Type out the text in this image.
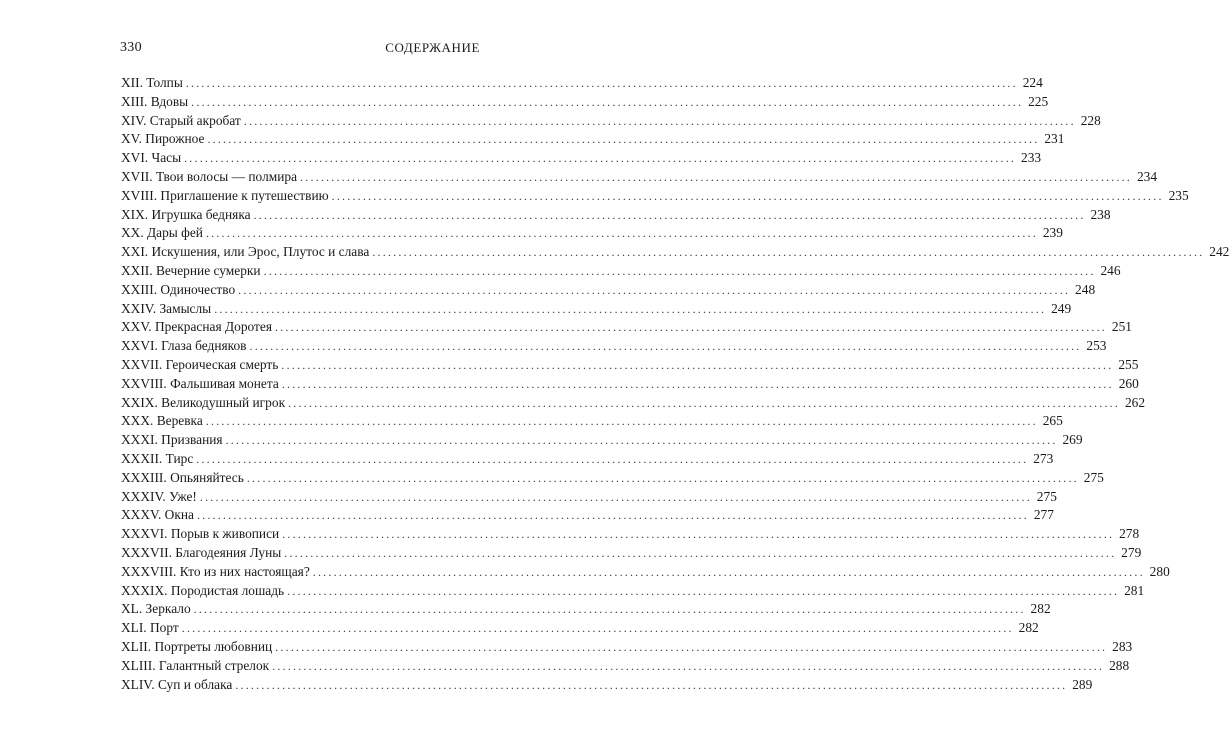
330	СОДЕРЖАНИЕ
XII. Толпы ................................................................................................................................................................ 224
XIII. Вдовы ................................................................................................................................................................ 225
XIV. Старый акробат ................................................................................................................................................................ 228
XV. Пирожное ................................................................................................................................................................ 231
XVI. Часы ................................................................................................................................................................ 233
XVII. Твои волосы — полмира ................................................................................................................................................................ 234
XVIII. Приглашение к путешествию ................................................................................................................................................................ 235
XIX. Игрушка бедняка ................................................................................................................................................................ 238
XX. Дары фей ................................................................................................................................................................ 239
XXI. Искушения, или Эрос, Плутос и слава ................................................................................................................................................................ 242
XXII. Вечерние сумерки ................................................................................................................................................................ 246
XXIII. Одиночество ................................................................................................................................................................ 248
XXIV. Замыслы ................................................................................................................................................................ 249
XXV. Прекрасная Доротея ................................................................................................................................................................ 251
XXVI. Глаза бедняков ................................................................................................................................................................ 253
XXVII. Героическая смерть ................................................................................................................................................................ 255
XXVIII. Фальшивая монета ................................................................................................................................................................ 260
XXIX. Великодушный игрок ................................................................................................................................................................ 262
XXX. Веревка ................................................................................................................................................................ 265
XXXI. Призвания ................................................................................................................................................................ 269
XXXII. Тирс ................................................................................................................................................................ 273
XXXIII. Опьяняйтесь ................................................................................................................................................................ 275
XXXIV. Уже! ................................................................................................................................................................ 275
XXXV. Окна ................................................................................................................................................................ 277
XXXVI. Порыв к живописи ................................................................................................................................................................ 278
XXXVII. Благодеяния Луны ................................................................................................................................................................ 279
XXXVIII. Кто из них настоящая? ................................................................................................................................................................ 280
XXXIX. Породистая лошадь ................................................................................................................................................................ 281
XL. Зеркало ................................................................................................................................................................ 282
XLI. Порт ................................................................................................................................................................ 282
XLII. Портреты любовниц ................................................................................................................................................................ 283
XLIII. Галантный стрелок ................................................................................................................................................................ 288
XLIV. Суп и облака ................................................................................................................................................................ 289
